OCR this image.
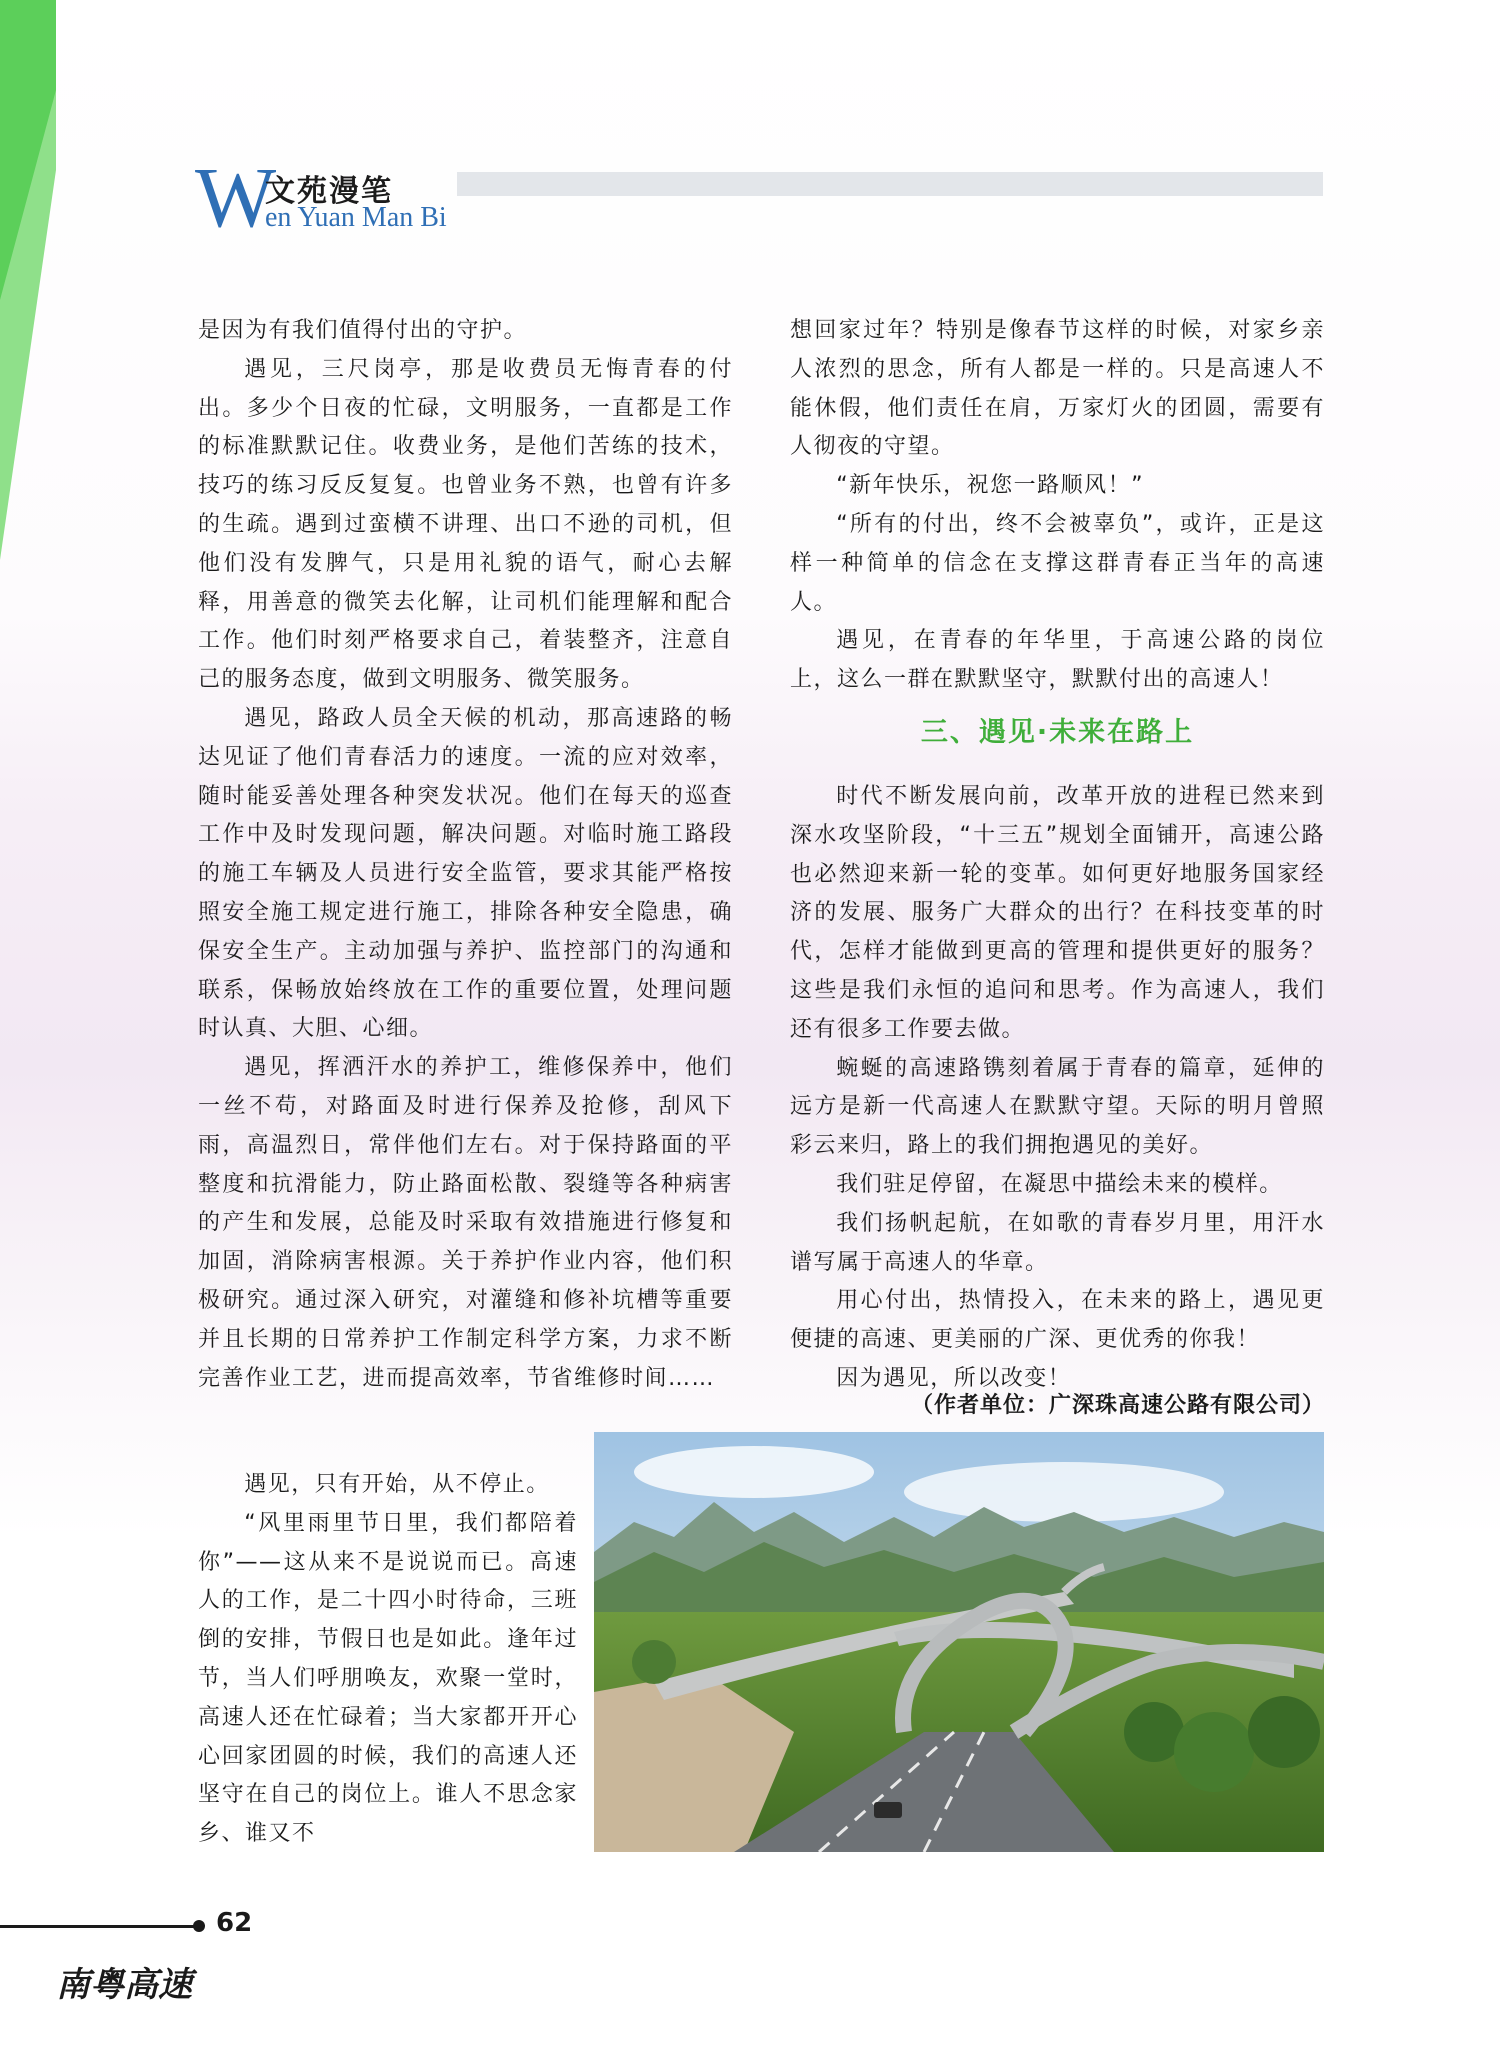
W
文苑漫笔
en Yuan Man Bi

是因为有我们值得付出的守护。

遇见，三尺岗亭，那是收费员无悔青春的付出。多少个日夜的忙碌，文明服务，一直都是工作的标准默默记住。收费业务，是他们苦练的技术，技巧的练习反反复复。也曾业务不熟，也曾有许多的生疏。遇到过蛮横不讲理、出口不逊的司机，但他们没有发脾气，只是用礼貌的语气，耐心去解释，用善意的微笑去化解，让司机们能理解和配合工作。他们时刻严格要求自己，着装整齐，注意自己的服务态度，做到文明服务、微笑服务。

遇见，路政人员全天候的机动，那高速路的畅达见证了他们青春活力的速度。一流的应对效率，随时能妥善处理各种突发状况。他们在每天的巡查工作中及时发现问题，解决问题。对临时施工路段的施工车辆及人员进行安全监管，要求其能严格按照安全施工规定进行施工，排除各种安全隐患，确保安全生产。主动加强与养护、监控部门的沟通和联系，保畅放始终放在工作的重要位置，处理问题时认真、大胆、心细。

遇见，挥洒汗水的养护工，维修保养中，他们一丝不苟，对路面及时进行保养及抢修，刮风下雨，高温烈日，常伴他们左右。对于保持路面的平整度和抗滑能力，防止路面松散、裂缝等各种病害的产生和发展，总能及时采取有效措施进行修复和加固，消除病害根源。关于养护作业内容，他们积极研究。通过深入研究，对灌缝和修补坑槽等重要并且长期的日常养护工作制定科学方案，力求不断完善作业工艺，进而提高效率，节省维修时间……

遇见，只有开始，从不停止。

“风里雨里节日里，我们都陪着你”——这从来不是说说而已。高速人的工作，是二十四小时待命，三班倒的安排，节假日也是如此。逢年过节，当人们呼朋唤友，欢聚一堂时，高速人还在忙碌着；当大家都开开心心回家团圆的时候，我们的高速人还坚守在自己的岗位上。谁人不思念家乡、谁又不

想回家过年？特别是像春节这样的时候，对家乡亲人浓烈的思念，所有人都是一样的。只是高速人不能休假，他们责任在肩，万家灯火的团圆，需要有人彻夜的守望。

“新年快乐，祝您一路顺风！”

“所有的付出，终不会被辜负”，或许，正是这样一种简单的信念在支撑这群青春正当年的高速人。

遇见，在青春的年华里，于高速公路的岗位上，这么一群在默默坚守，默默付出的高速人！

三、遇见·未来在路上

时代不断发展向前，改革开放的进程已然来到深水攻坚阶段，“十三五”规划全面铺开，高速公路也必然迎来新一轮的变革。如何更好地服务国家经济的发展、服务广大群众的出行？在科技变革的时代，怎样才能做到更高的管理和提供更好的服务？这些是我们永恒的追问和思考。作为高速人，我们还有很多工作要去做。

蜿蜒的高速路镌刻着属于青春的篇章，延伸的远方是新一代高速人在默默守望。天际的明月曾照彩云来归，路上的我们拥抱遇见的美好。

我们驻足停留，在凝思中描绘未来的模样。

我们扬帆起航，在如歌的青春岁月里，用汗水谱写属于高速人的华章。

用心付出，热情投入，在未来的路上，遇见更便捷的高速、更美丽的广深、更优秀的你我！

因为遇见，所以改变！

（作者单位：广深珠高速公路有限公司）
62
南粤高速
